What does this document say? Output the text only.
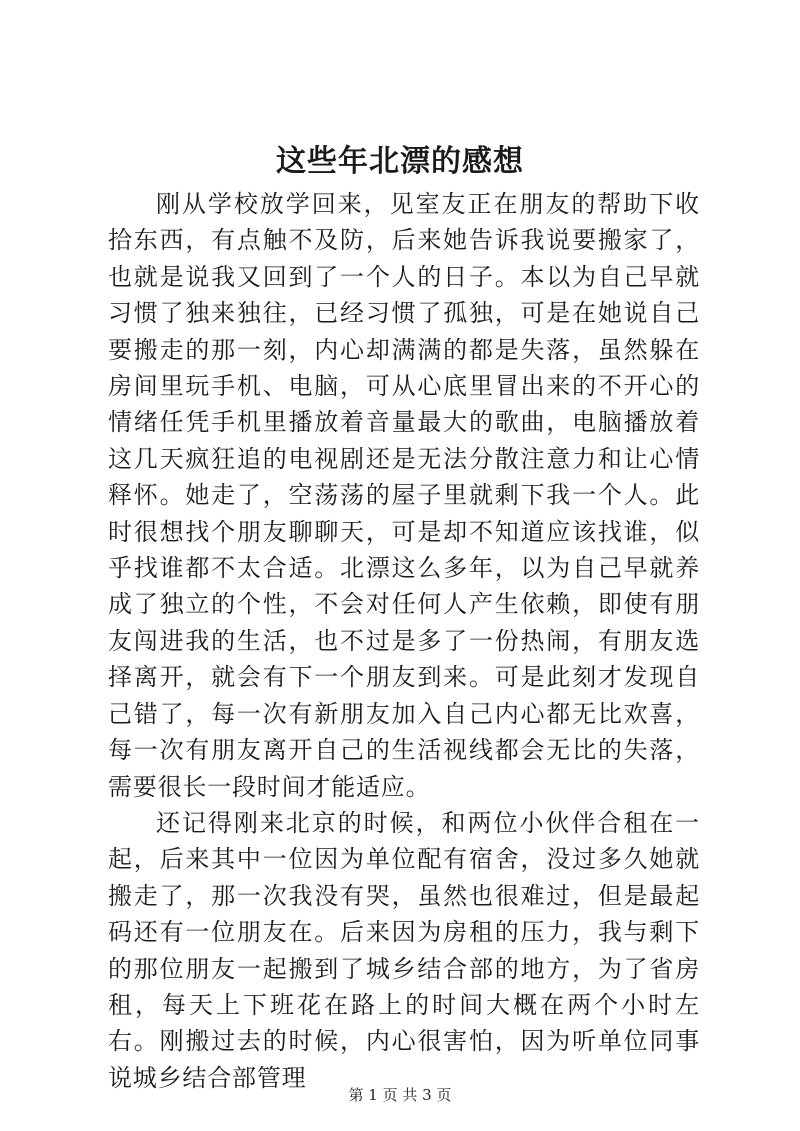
这些年北漂的感想

刚从学校放学回来，见室友正在朋友的帮助下收拾东西，有点触不及防，后来她告诉我说要搬家了，也就是说我又回到了一个人的日子。本以为自己早就习惯了独来独往，已经习惯了孤独，可是在她说自己要搬走的那一刻，内心却满满的都是失落，虽然躲在房间里玩手机、电脑，可从心底里冒出来的不开心的情绪任凭手机里播放着音量最大的歌曲，电脑播放着这几天疯狂追的电视剧还是无法分散注意力和让心情释怀。她走了，空荡荡的屋子里就剩下我一个人。此时很想找个朋友聊聊天，可是却不知道应该找谁，似乎找谁都不太合适。北漂这么多年，以为自己早就养成了独立的个性，不会对任何人产生依赖，即使有朋友闯进我的生活，也不过是多了一份热闹，有朋友选择离开，就会有下一个朋友到来。可是此刻才发现自己错了，每一次有新朋友加入自己内心都无比欢喜，每一次有朋友离开自己的生活视线都会无比的失落，需要很长一段时间才能适应。

还记得刚来北京的时候，和两位小伙伴合租在一起，后来其中一位因为单位配有宿舍，没过多久她就搬走了，那一次我没有哭，虽然也很难过，但是最起码还有一位朋友在。后来因为房租的压力，我与剩下的那位朋友一起搬到了城乡结合部的地方，为了省房租，每天上下班花在路上的时间大概在两个小时左右。刚搬过去的时候，内心很害怕，因为听单位同事说城乡结合部管理

第 1 页 共 3 页
